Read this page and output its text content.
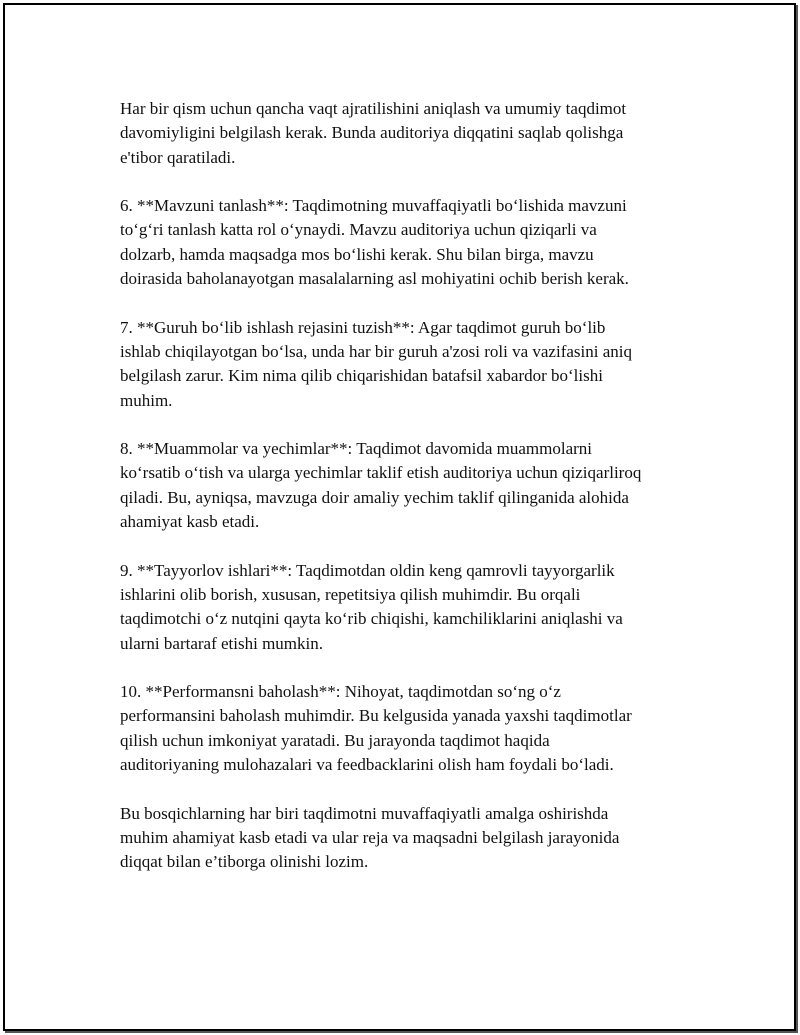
Har bir qism uchun qancha vaqt ajratilishini aniqlash va umumiy taqdimot
davomiyligini belgilash kerak. Bunda auditoriya diqqatini saqlab qolishga
e'tibor qaratiladi.

6. **Mavzuni tanlash**: Taqdimotning muvaffaqiyatli bo‘lishida mavzuni
to‘g‘ri tanlash katta rol o‘ynaydi. Mavzu auditoriya uchun qiziqarli va
dolzarb, hamda maqsadga mos bo‘lishi kerak. Shu bilan birga, mavzu
doirasida baholanayotgan masalalarning asl mohiyatini ochib berish kerak.

7. **Guruh bo‘lib ishlash rejasini tuzish**: Agar taqdimot guruh bo‘lib
ishlab chiqilayotgan bo‘lsa, unda har bir guruh a'zosi roli va vazifasini aniq
belgilash zarur. Kim nima qilib chiqarishidan batafsil xabardor bo‘lishi
muhim.

8. **Muammolar va yechimlar**: Taqdimot davomida muammolarni
ko‘rsatib o‘tish va ularga yechimlar taklif etish auditoriya uchun qiziqarliroq
qiladi. Bu, ayniqsa, mavzuga doir amaliy yechim taklif qilinganida alohida
ahamiyat kasb etadi.

9. **Tayyorlov ishlari**: Taqdimotdan oldin keng qamrovli tayyorgarlik
ishlarini olib borish, xususan, repetitsiya qilish muhimdir. Bu orqali
taqdimotchi o‘z nutqini qayta ko‘rib chiqishi, kamchiliklarini aniqlashi va
ularni bartaraf etishi mumkin.

10. **Performansni baholash**: Nihoyat, taqdimotdan so‘ng o‘z
performansini baholash muhimdir. Bu kelgusida yanada yaxshi taqdimotlar
qilish uchun imkoniyat yaratadi. Bu jarayonda taqdimot haqida
auditoriyaning mulohazalari va feedbacklarini olish ham foydali bo‘ladi.

Bu bosqichlarning har biri taqdimotni muvaffaqiyatli amalga oshirishda
muhim ahamiyat kasb etadi va ular reja va maqsadni belgilash jarayonida
diqqat bilan e’tiborga olinishi lozim.
